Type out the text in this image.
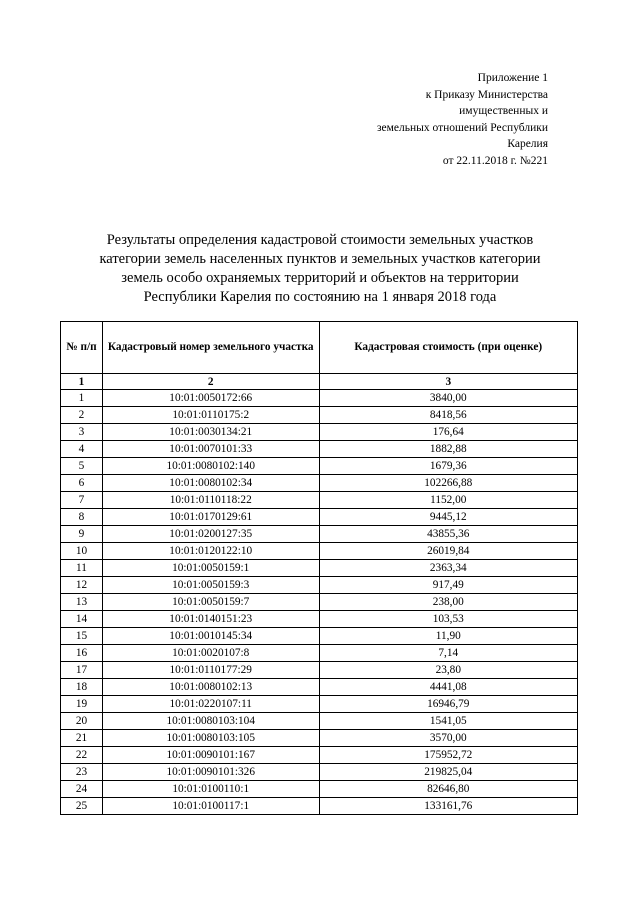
Приложение 1
к Приказу Министерства
имущественных и
земельных отношений Республики
Карелия
от 22.11.2018 г. №221
Результаты определения кадастровой стоимости земельных участков
категории земель населенных пунктов и земельных участков категории
земель особо охраняемых территорий и объектов на территории
Республики Карелия по состоянию на 1 января 2018 года
№ п/п	Кадастровый номер земельного участка	Кадастровая стоимость (при оценке)
1	2	3
1	10:01:0050172:66	3840,00
2	10:01:0110175:2	8418,56
3	10:01:0030134:21	176,64
4	10:01:0070101:33	1882,88
5	10:01:0080102:140	1679,36
6	10:01:0080102:34	102266,88
7	10:01:0110118:22	1152,00
8	10:01:0170129:61	9445,12
9	10:01:0200127:35	43855,36
10	10:01:0120122:10	26019,84
11	10:01:0050159:1	2363,34
12	10:01:0050159:3	917,49
13	10:01:0050159:7	238,00
14	10:01:0140151:23	103,53
15	10:01:0010145:34	11,90
16	10:01:0020107:8	7,14
17	10:01:0110177:29	23,80
18	10:01:0080102:13	4441,08
19	10:01:0220107:11	16946,79
20	10:01:0080103:104	1541,05
21	10:01:0080103:105	3570,00
22	10:01:0090101:167	175952,72
23	10:01:0090101:326	219825,04
24	10:01:0100110:1	82646,80
25	10:01:0100117:1	133161,76
